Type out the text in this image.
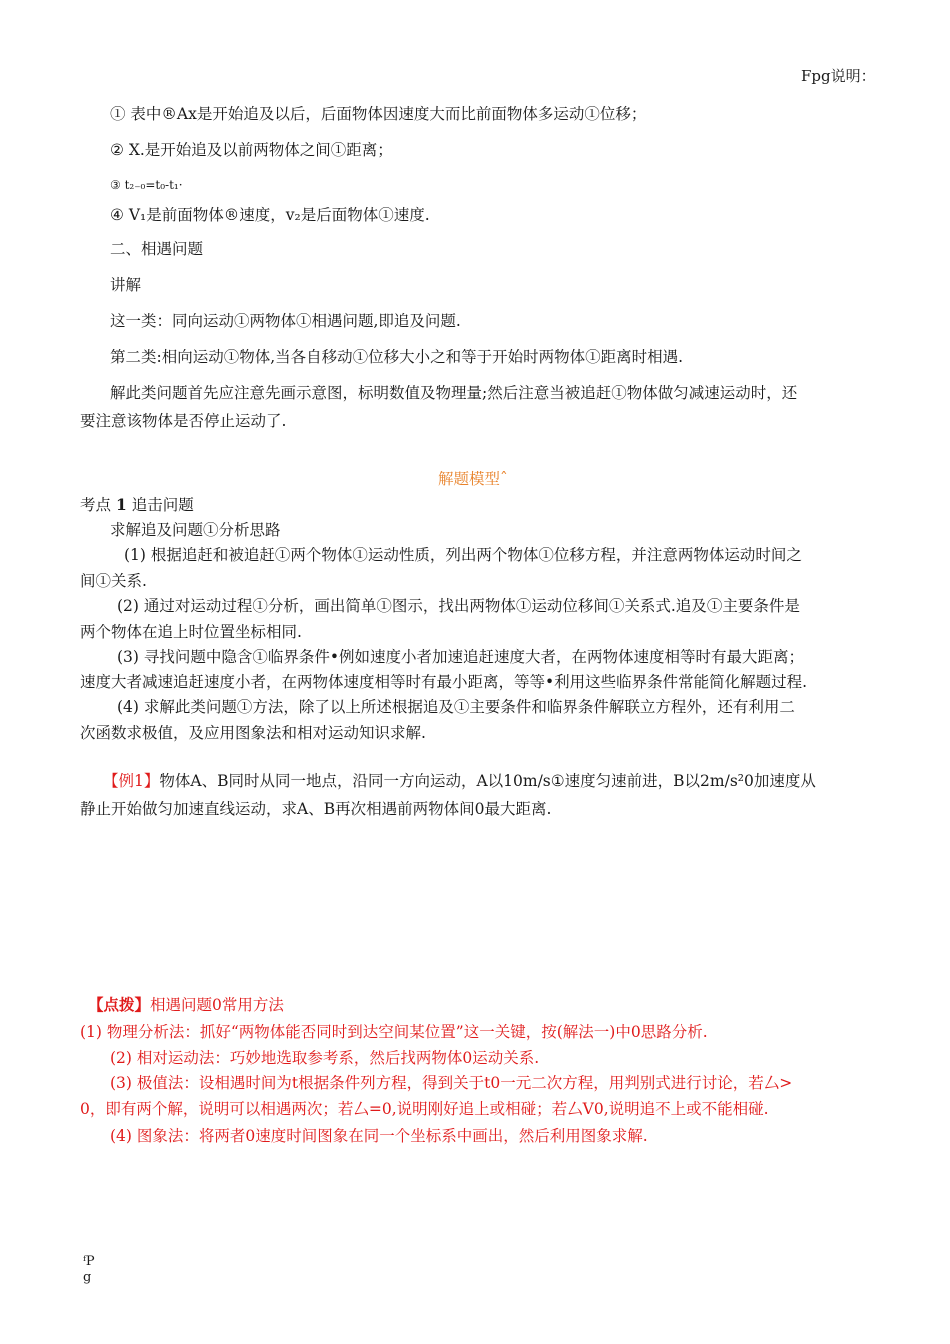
Fpg说明：
① 表中®Ax是开始追及以后，后面物体因速度大而比前面物体多运动①位移；
② X.是开始追及以前两物体之间①距离；
③ t₂₋₀=t₀-t₁·
④ V₁是前面物体®速度，v₂是后面物体①速度.
二、相遇问题
讲解
这一类：同向运动①两物体①相遇问题,即追及问题.
第二类:相向运动①物体,当各自移动①位移大小之和等于开始时两物体①距离时相遇.
解此类问题首先应注意先画示意图，标明数值及物理量;然后注意当被追赶①物体做匀减速运动时，还
要注意该物体是否停止运动了.
解题模型ˆ
考点 1 追击问题
求解追及问题①分析思路
(1) 根据追赶和被追赶①两个物体①运动性质，列出两个物体①位移方程，并注意两物体运动时间之
间①关系.
(2) 通过对运动过程①分析，画出简单①图示，找出两物体①运动位移间①关系式.追及①主要条件是
两个物体在追上时位置坐标相同.
(3) 寻找问题中隐含①临界条件•例如速度小者加速追赶速度大者，在两物体速度相等时有最大距离；
速度大者减速追赶速度小者，在两物体速度相等时有最小距离，等等•利用这些临界条件常能简化解题过程.
(4) 求解此类问题①方法，除了以上所述根据追及①主要条件和临界条件解联立方程外，还有利用二
次函数求极值，及应用图象法和相对运动知识求解.
【例1】物体A、B同时从同一地点，沿同一方向运动，A以10m/s①速度匀速前进，B以2m/s²0加速度从
静止开始做匀加速直线运动，求A、B再次相遇前两物体间0最大距离.
【点拨】相遇问题0常用方法
(1) 物理分析法：抓好“两物体能否同时到达空间某位置”这一关键，按(解法一)中0思路分析.
(2) 相对运动法：巧妙地选取参考系，然后找两物体0运动关系.
(3) 极值法：设相遇时间为t根据条件列方程，得到关于t0一元二次方程，用判别式进行讨论，若厶>
0，即有两个解，说明可以相遇两次；若厶=0,说明刚好追上或相碰；若厶V0,说明追不上或不能相碰.
(4) 图象法：将两者0速度时间图象在同一个坐标系中画出，然后利用图象求解.
ᶠP
g
